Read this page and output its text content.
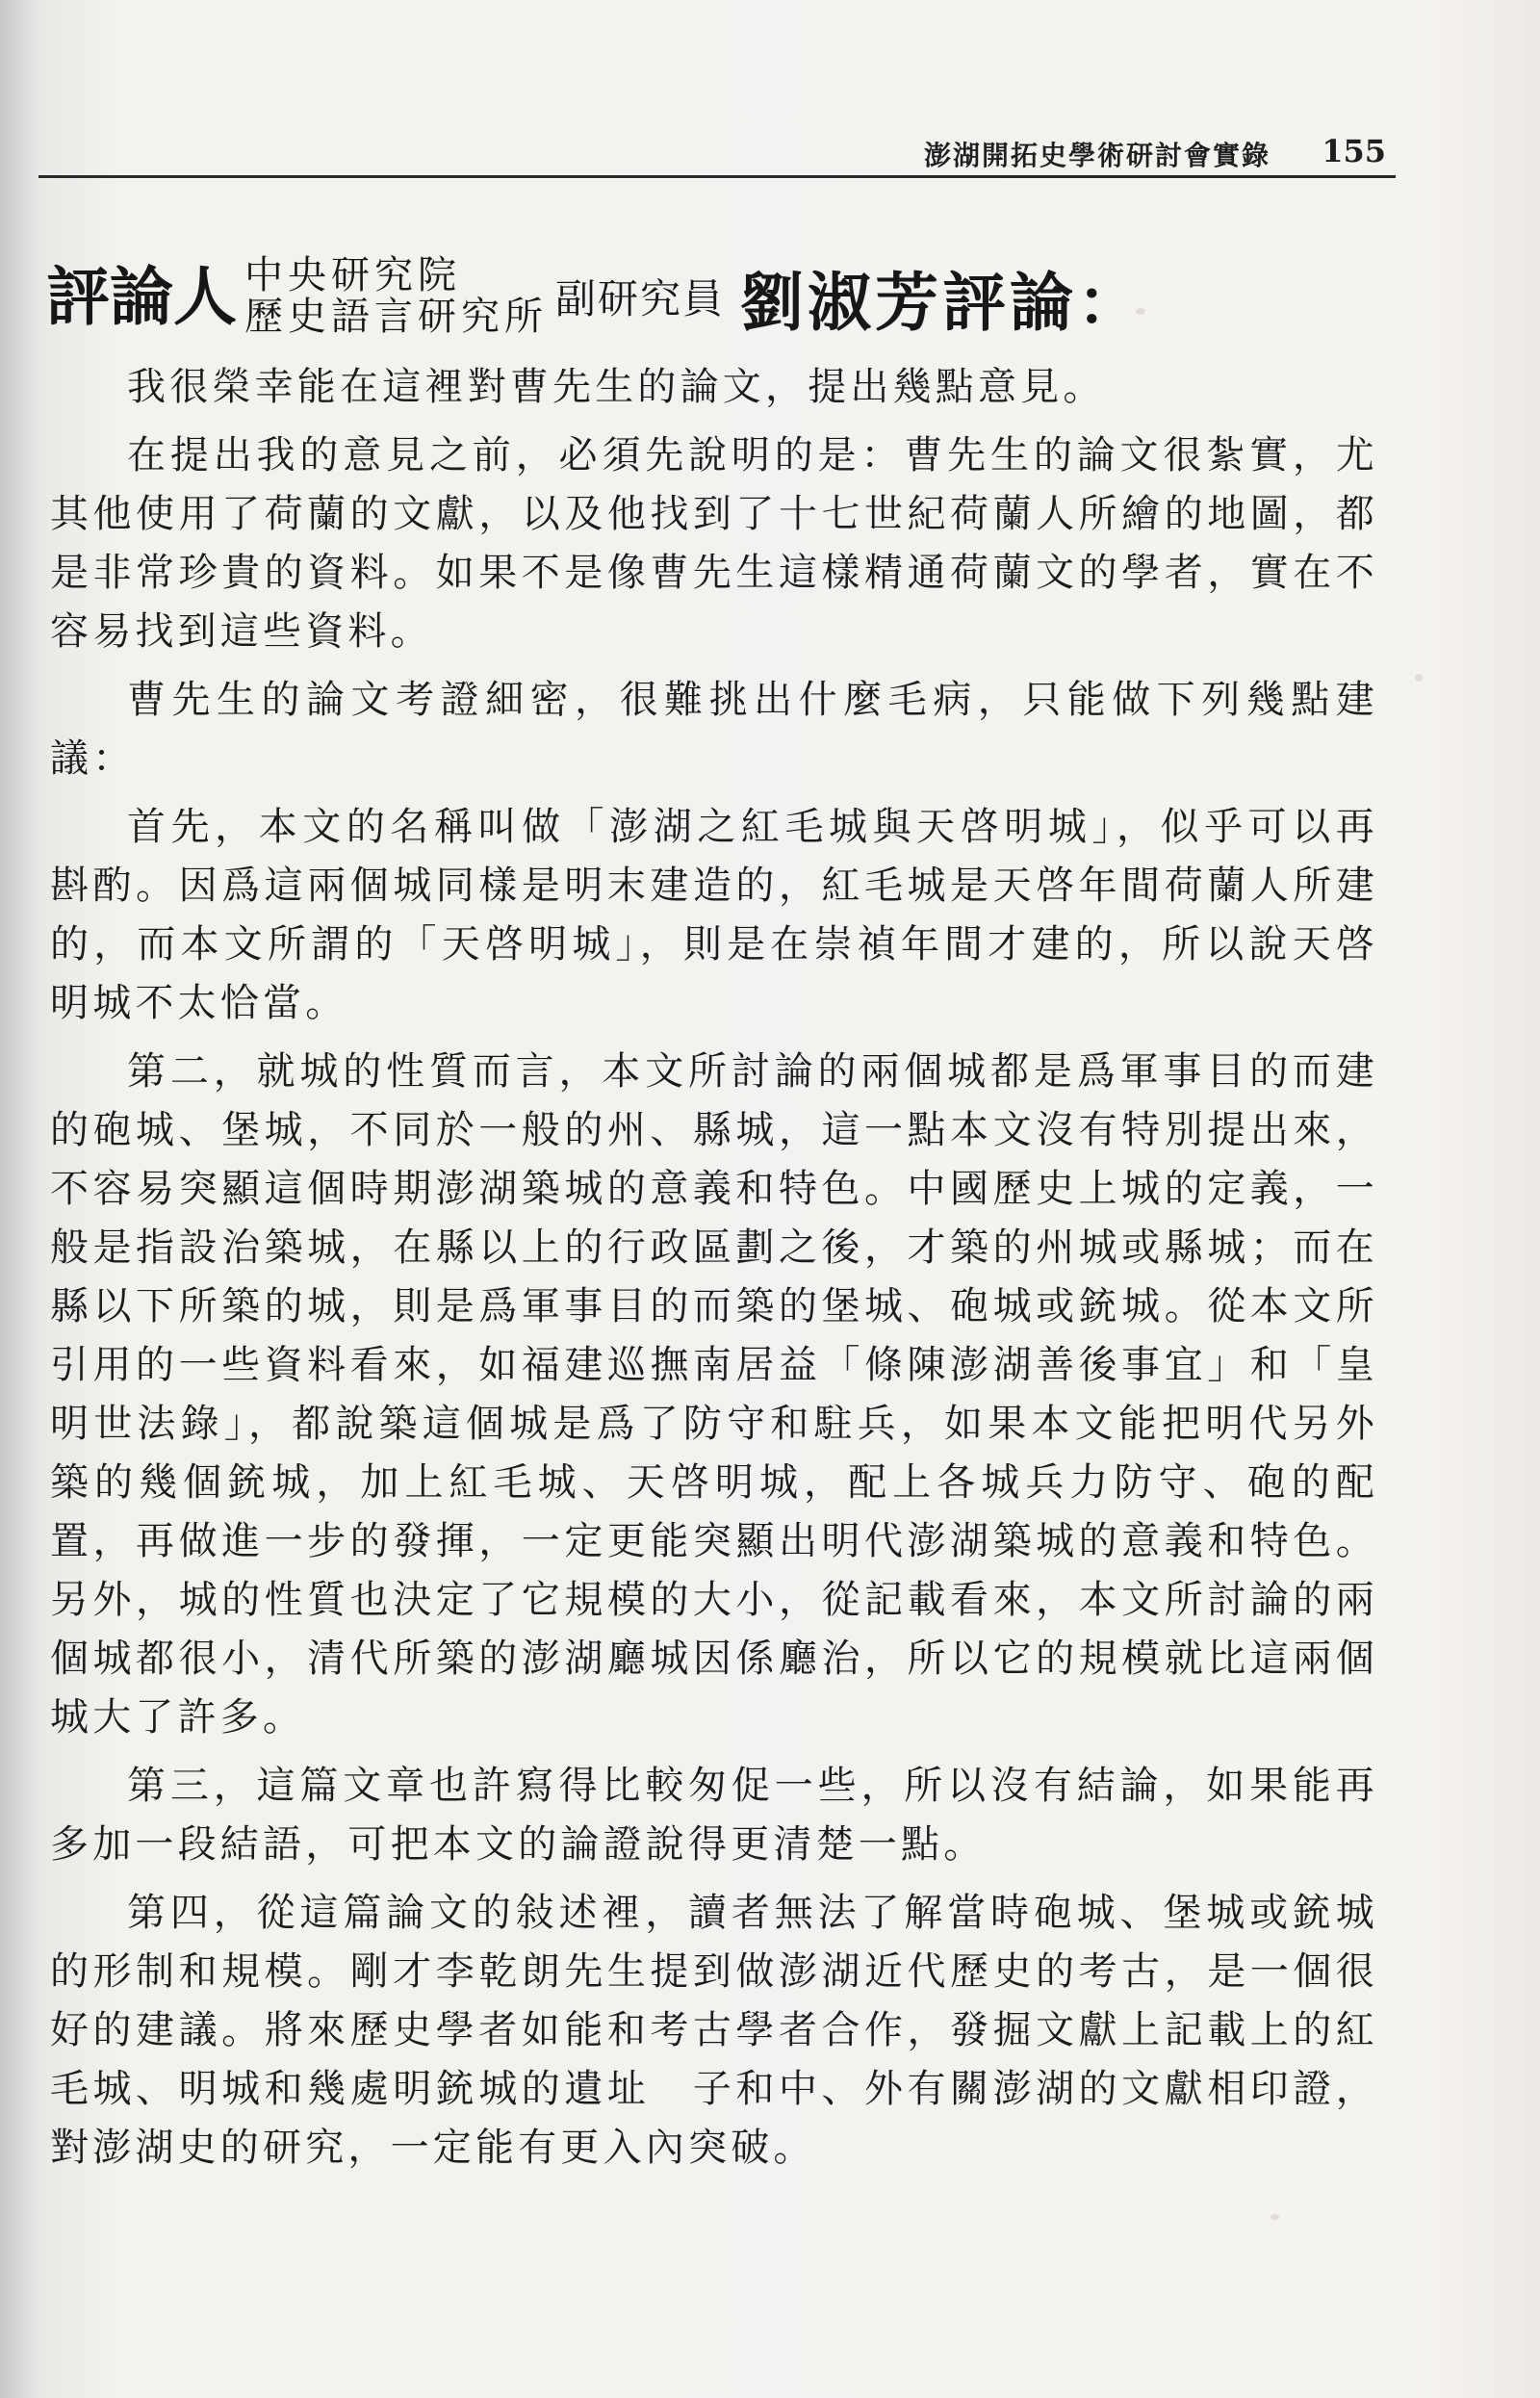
澎湖開拓史學術研討會實錄 155
評論人 中央研究院
歷史語言研究所 副研究員 劉淑芳評論：

我很榮幸能在這裡對曹先生的論文，提出幾點意見。

在提出我的意見之前，必須先說明的是：曹先生的論文很紮實，尤其他使用了荷蘭的文獻，以及他找到了十七世紀荷蘭人所繪的地圖，都是非常珍貴的資料。如果不是像曹先生這樣精通荷蘭文的學者，實在不容易找到這些資料。

曹先生的論文考證細密，很難挑出什麼毛病，只能做下列幾點建議：

首先，本文的名稱叫做「澎湖之紅毛城與天啓明城」，似乎可以再斟酌。因爲這兩個城同樣是明末建造的，紅毛城是天啓年間荷蘭人所建的，而本文所謂的「天啓明城」，則是在崇禎年間才建的，所以說天啓明城不太恰當。

第二，就城的性質而言，本文所討論的兩個城都是爲軍事目的而建的砲城、堡城，不同於一般的州、縣城，這一點本文沒有特別提出來，不容易突顯這個時期澎湖築城的意義和特色。中國歷史上城的定義，一般是指設治築城，在縣以上的行政區劃之後，才築的州城或縣城；而在縣以下所築的城，則是爲軍事目的而築的堡城、砲城或銃城。從本文所引用的一些資料看來，如福建巡撫南居益「條陳澎湖善後事宜」和「皇明世法錄」，都說築這個城是爲了防守和駐兵，如果本文能把明代另外築的幾個銃城，加上紅毛城、天啓明城，配上各城兵力防守、砲的配置，再做進一步的發揮，一定更能突顯出明代澎湖築城的意義和特色。另外，城的性質也決定了它規模的大小，從記載看來，本文所討論的兩個城都很小，清代所築的澎湖廳城因係廳治，所以它的規模就比這兩個城大了許多。

第三，這篇文章也許寫得比較匆促一些，所以沒有結論，如果能再多加一段結語，可把本文的論證說得更清楚一點。

第四，從這篇論文的敍述裡，讀者無法了解當時砲城、堡城或銃城的形制和規模。剛才李乾朗先生提到做澎湖近代歷史的考古，是一個很好的建議。將來歷史學者如能和考古學者合作，發掘文獻上記載上的紅毛城、明城和幾處明銃城的遺址　子和中、外有關澎湖的文獻相印證，對澎湖史的研究，一定能有更入內突破。
